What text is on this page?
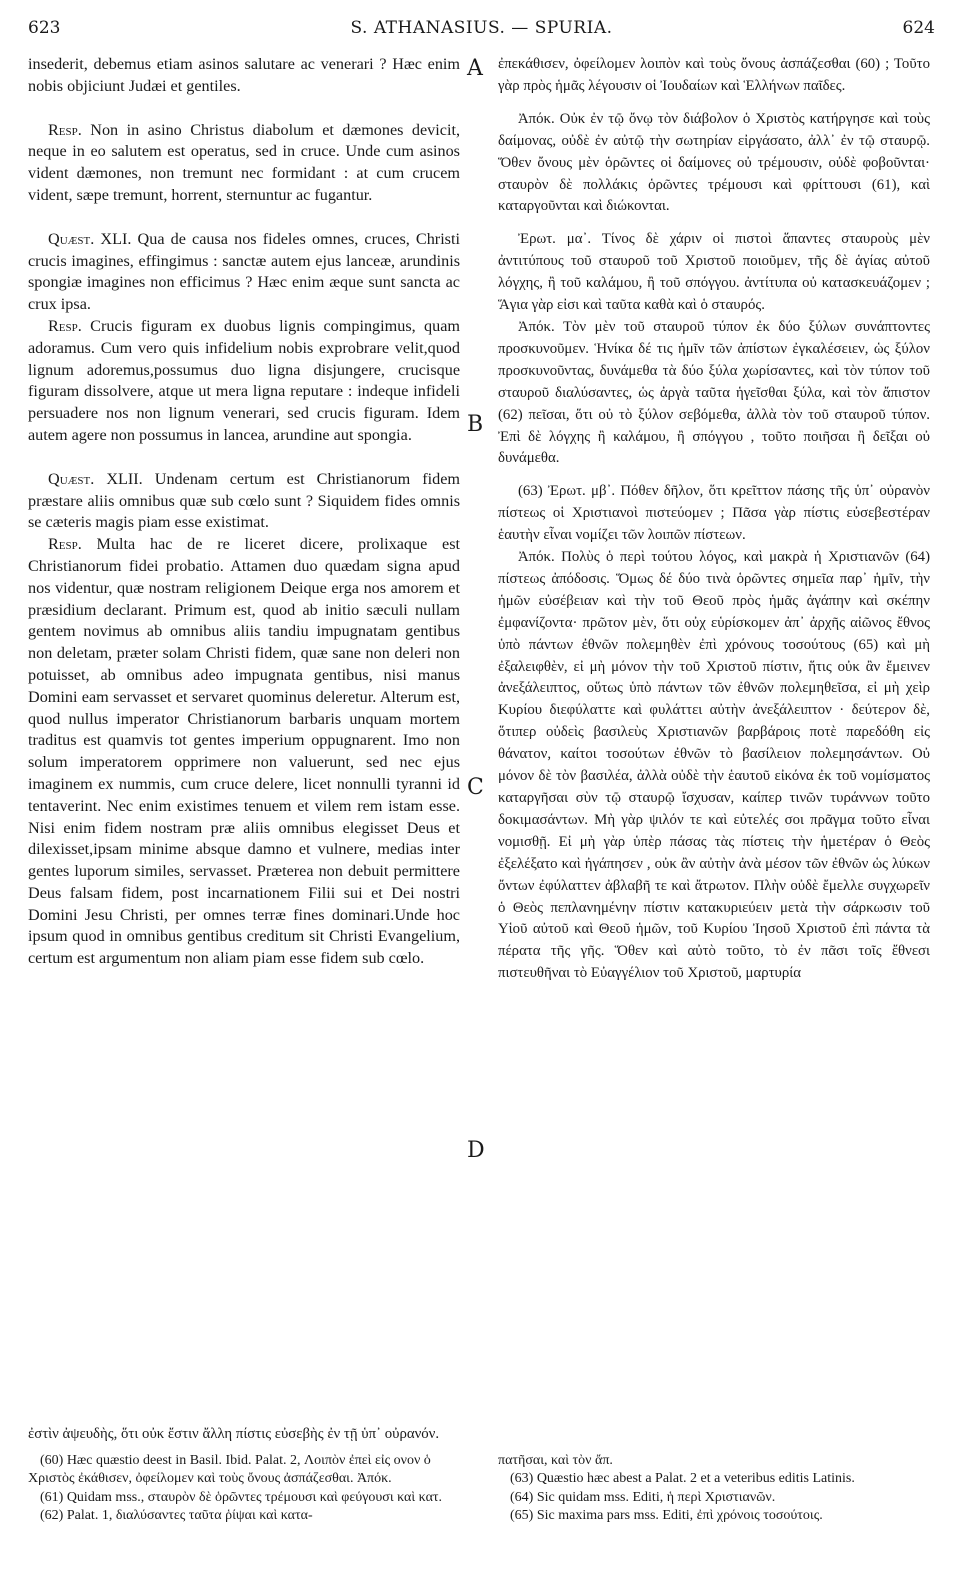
623	S. ATHANASIUS. — SPURIA.	624

insederit, debemus etiam asinos salutare ac venerari ? Hæc enim nobis objiciunt Judæi et gentiles.

Resp. Non in asino Christus diabolum et dæmones devicit, neque in eo salutem est operatus, sed in cruce. Unde cum asinos vident dæmones, non tremunt nec formidant : at cum crucem vident, sæpe tremunt, horrent, sternuntur ac fugantur.

Quæst. XLI. Qua de causa nos fideles omnes, cruces, Christi crucis imagines, effingimus : sanctæ autem ejus lanceæ, arundinis spongiæ imagines non efficimus ? Hæc enim æque sunt sancta ac crux ipsa.

Resp. Crucis figuram ex duobus lignis compingimus, quam adoramus. Cum vero quis infidelium nobis exprobrare velit,quod lignum adoremus,possumus duo ligna disjungere, crucisque figuram dissolvere, atque ut mera ligna reputare : indeque infideli persuadere nos non lignum venerari, sed crucis figuram. Idem autem agere non possumus in lancea, arundine aut spongia.

Quæst. XLII. Undenam certum est Christianorum fidem præstare aliis omnibus quæ sub cœlo sunt ? Siquidem fides omnis se cæteris magis piam esse existimat.

Resp. Multa hac de re liceret dicere, prolixaque est Christianorum fidei probatio. Attamen duo quædam signa apud nos videntur, quæ nostram religionem Deique erga nos amorem et præsidium declarant. Primum est, quod ab initio sæculi nullam gentem novimus ab omnibus aliis tandiu impugnatam gentibus non deletam, præter solam Christi fidem, quæ sane non deleri non potuisset, ab omnibus adeo impugnata gentibus, nisi manus Domini eam servasset et servaret quominus deleretur. Alterum est, quod nullus imperator Christianorum barbaris unquam mortem traditus est quamvis tot gentes imperium oppugnarent. Imo non solum imperatorem opprimere non valuerunt, sed nec ejus imaginem ex nummis, cum cruce delere, licet nonnulli tyranni id tentaverint. Nec enim existimes tenuem et vilem rem istam esse. Nisi enim fidem nostram præ aliis omnibus elegisset Deus et dilexisset,ipsam minime absque damno et vulnere, medias inter gentes luporum similes, servasset. Præterea non debuit permittere Deus falsam fidem, post incarnationem Filii sui et Dei nostri Domini Jesu Christi, per omnes terræ fines dominari.Unde hoc ipsum quod in omnibus gentibus creditum sit Christi Evangelium, certum est argumentum non aliam piam esse fidem sub cœlo.

ἐπεκάθισεν, ὀφείλομεν λοιπὸν καὶ τοὺς ὄνους ἀσπάζεσθαι (60) ; Τοῦτο γὰρ πρὸς ἡμᾶς λέγουσιν οἱ Ἰουδαίων καὶ Ἑλλήνων παῖδες.

Ἀπόκ. Οὐκ ἐν τῷ ὄνῳ τὸν διάβολον ὁ Χριστὸς κατήργησε καὶ τοὺς δαίμονας, οὐδὲ ἐν αὐτῷ τὴν σωτηρίαν εἰργάσατο, ἀλλ᾽ ἐν τῷ σταυρῷ. Ὅθεν ὄνους μὲν ὁρῶντες οἱ δαίμονες οὐ τρέμουσιν, οὐδὲ φοβοῦνται· σταυρὸν δὲ πολλάκις ὁρῶντες τρέμουσι καὶ φρίττουσι (61), καὶ καταργοῦνται καὶ διώκονται.

Ἐρωτ. μα᾽. Τίνος δὲ χάριν οἱ πιστοὶ ἅπαντες σταυροὺς μὲν ἀντιτύπους τοῦ σταυροῦ τοῦ Χριστοῦ ποιοῦμεν, τῆς δὲ ἁγίας αὐτοῦ λόγχης, ἢ τοῦ καλάμου, ἢ τοῦ σπόγγου. ἀντίτυπα οὐ κατασκευάζομεν ; Ἅγια γὰρ εἰσι καὶ ταῦτα καθὰ καὶ ὁ σταυρός.

Ἀπόκ. Τὸν μὲν τοῦ σταυροῦ τύπον ἐκ δύο ξύλων συνάπτοντες προσκυνοῦμεν. Ἡνίκα δέ τις ἡμῖν τῶν ἀπίστων ἐγκαλέσειεν, ὡς ξύλον προσκυνοῦντας, δυνάμεθα τὰ δύο ξύλα χωρίσαντες, καὶ τὸν τύπον τοῦ σταυροῦ διαλύσαντες, ὡς ἀργὰ ταῦτα ἡγεῖσθαι ξύλα, καὶ τὸν ἄπιστον (62) πεῖσαι, ὅτι οὐ τὸ ξύλον σεβόμεθα, ἀλλὰ τὸν τοῦ σταυροῦ τύπον. Ἐπὶ δὲ λόγχης ἢ καλάμου, ἢ σπόγγου , τοῦτο ποιῆσαι ἢ δεῖξαι οὐ δυνάμεθα.

(63) Ἐρωτ. μβ᾽. Πόθεν δῆλον, ὅτι κρεῖττον πάσης τῆς ὑπ᾽ οὐρανὸν πίστεως οἱ Χριστιανοὶ πιστεύομεν ; Πᾶσα γὰρ πίστις εὐσεβεστέραν ἑαυτὴν εἶναι νομίζει τῶν λοιπῶν πίστεων.

Ἀπόκ. Πολὺς ὁ περὶ τούτου λόγος, καὶ μακρὰ ἡ Χριστιανῶν (64) πίστεως ἀπόδοσις. Ὅμως δέ δύο τινὰ ὁρῶντες σημεῖα παρ᾽ ἡμῖν, τὴν ἡμῶν εὐσέβειαν καὶ τὴν τοῦ Θεοῦ πρὸς ἡμᾶς ἀγάπην καὶ σκέπην ἐμφανίζοντα· πρῶτον μὲν, ὅτι οὐχ εὑρίσκομεν ἀπ᾽ ἀρχῆς αἰῶνος ἔθνος ὑπὸ πάντων ἐθνῶν πολεμηθὲν ἐπὶ χρόνους τοσούτους (65) καὶ μὴ ἐξαλειφθὲν, εἰ μὴ μόνον τὴν τοῦ Χριστοῦ πίστιν, ἥτις οὐκ ἂν ἔμεινεν ἀνεξάλειπτος, οὕτως ὑπὸ πάντων τῶν ἐθνῶν πολεμηθεῖσα, εἰ μὴ χεὶρ Κυρίου διεφύλαττε καὶ φυλάττει αὐτὴν ἀνεξάλειπτον · δεύτερον δὲ, ὅτιπερ οὐδεὶς βασιλεὺς Χριστιανῶν βαρβάροις ποτὲ παρεδόθη εἰς θάνατον, καίτοι τοσούτων ἐθνῶν τὸ βασίλειον πολεμησάντων. Οὐ μόνον δὲ τὸν βασιλέα, ἀλλὰ οὐδὲ τὴν ἑαυτοῦ εἰκόνα ἐκ τοῦ νομίσματος καταργῆσαι σὺν τῷ σταυρῷ ἴσχυσαν, καίπερ τινῶν τυράννων τοῦτο δοκιμασάντων. Μὴ γὰρ ψιλόν τε καὶ εὐτελές σοι πρᾶγμα τοῦτο εἶναι νομισθῇ. Εἰ μὴ γὰρ ὑπὲρ πάσας τὰς πίστεις τὴν ἡμετέραν ὁ Θεὸς ἐξελέξατο καὶ ἠγάπησεν , οὐκ ἂν αὐτὴν ἀνὰ μέσον τῶν ἐθνῶν ὡς λύκων ὄντων ἐφύλαττεν ἀβλαβῆ τε καὶ ἄτρωτον. Πλὴν οὐδὲ ἔμελλε συγχωρεῖν ὁ Θεὸς πεπλανημένην πίστιν κατακυριεύειν μετὰ τὴν σάρκωσιν τοῦ Υἱοῦ αὐτοῦ καὶ Θεοῦ ἡμῶν, τοῦ Κυρίου Ἰησοῦ Χριστοῦ ἐπὶ πάντα τὰ πέρατα τῆς γῆς. Ὅθεν καὶ αὐτὸ τοῦτο, τὸ ἐν πᾶσι τοῖς ἔθνεσι πιστευθῆναι τὸ Εὐαγγέλιον τοῦ Χριστοῦ, μαρτυρία

A
B
C
D
ἐστὶν ἀψευδὴς, ὅτι οὐκ ἔστιν ἄλλη πίστις εὐσεβὴς ἐν τῇ ὑπ᾽ οὐρανόν.

(60) Hæc quæstio deest in Basil. Ibid. Palat. 2, Λοιπὸν ἐπεὶ εἰς ονον ὁ Χριστὸς ἐκάθισεν, ὀφείλομεν καὶ τοὺς ὄνους ἀσπάζεσθαι. Ἀπόκ.

(61) Quidam mss., σταυρὸν δὲ ὁρῶντες τρέμουσι καὶ φεύγουσι καὶ κατ.

(62) Palat. 1, διαλύσαντες ταῦτα ῥίψαι καὶ κατα-

πατῆσαι, καὶ τὸν ἄπ.

(63) Quæstio hæc abest a Palat. 2 et a veteribus editis Latinis.

(64) Sic quidam mss. Editi, ἡ περὶ Χριστιανῶν.

(65) Sic maxima pars mss. Editi, ἐπὶ χρόνοις τοσούτοις.
